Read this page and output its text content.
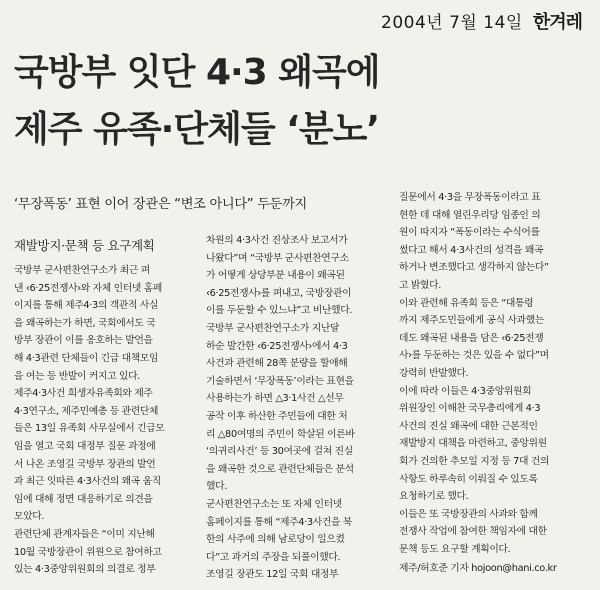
2004년 7월 14일 한겨레
국방부 잇단 4·3 왜곡에
제주 유족·단체들 ‘분노’
‘무장폭동’ 표현 이어 장관은 “변조 아니다” 두둔까지
재발방지·문책 등 요구계획
국방부 군사편찬연구소가 최근 펴
낸 ‹6·25전쟁사›와 자체 인터넷 홈페
이지를 통해 제주4·3의 객관적 사실
을 왜곡하는가 하면, 국회에서도 국
방부 장관이 이를 옹호하는 발언을
해 4·3관련 단체들이 긴급 대책모임
을 여는 등 반발이 커지고 있다.
제주4·3사건 희생자유족회와 제주
4·3연구소, 제주민예총 등 관련단체
들은 13일 유족회 사무실에서 긴급모
임을 열고 국회 대정부 질문 과정에
서 나온 조영길 국방부 장관의 발언
과 최근 잇따른 4·3사건의 왜곡 움직
임에 대해 정면 대응하기로 의견을
모았다.
관련단체 관계자들은 “이미 지난해
10월 국방장관이 위원으로 참여하고
있는 4·3중앙위원회의 의결로 정부
차원의 4·3사건 진상조사 보고서가
나왔다”며 “국방부 군사편찬연구소
가 어떻게 상당부분 내용이 왜곡된
‹6·25전쟁사›를 펴내고, 국방장관이
이를 두둔할 수 있느냐”고 비난했다.
국방부 군사편찬연구소가 지난달
하순 발간한 ‹6·25전쟁사›에서 4·3
사건과 관련해 28쪽 분량을 할애해
기술하면서 ‘무장폭동’이라는 표현을
사용하는가 하면 △3·1사건 △선무
공작 이후 하산한 주민들에 대한 처
리 △80여명의 주민이 학살된 이른바
‘의귀리사건’ 등 30여곳에 걸쳐 진실
을 왜곡한 것으로 관련단체들은 분석
했다.
군사편찬연구소는 또 자체 인터넷
홈페이지를 통해 “제주4·3사건을 북
한의 사주에 의해 남로당이 일으켰
다”고 과거의 주장을 되풀이했다.
조영길 장관도 12일 국회 대정부
질문에서 4·3을 무장폭동이라고 표
현한 데 대해 열린우리당 임종인 의
원이 따지자 “폭동이라는 수식어를
썼다고 해서 4·3사건의 성격을 왜곡
하거나 변조했다고 생각하지 않는다”
고 밝혔다.
이와 관련해 유족회 등은 “대통령
까지 제주도민들에게 공식 사과했는
데도 왜곡된 내용을 담은 ‹6·25전쟁
사›를 두둔하는 것은 있을 수 없다”며
강력히 반발했다.
이에 따라 이들은 4·3중앙위원회
위원장인 이해찬 국무총리에게 4·3
사건의 진실 왜곡에 대한 근본적인
재발방지 대책을 마련하고, 중앙위원
회가 건의한 추모일 지정 등 7대 건의
사항도 하루속히 이뤄질 수 있도록
요청하기로 했다.
이들은 또 국방장관의 사과와 함께
전쟁사 작업에 참여한 책임자에 대한
문책 등도 요구할 계획이다.
제주/허호준 기자 hojoon@hani.co.kr
